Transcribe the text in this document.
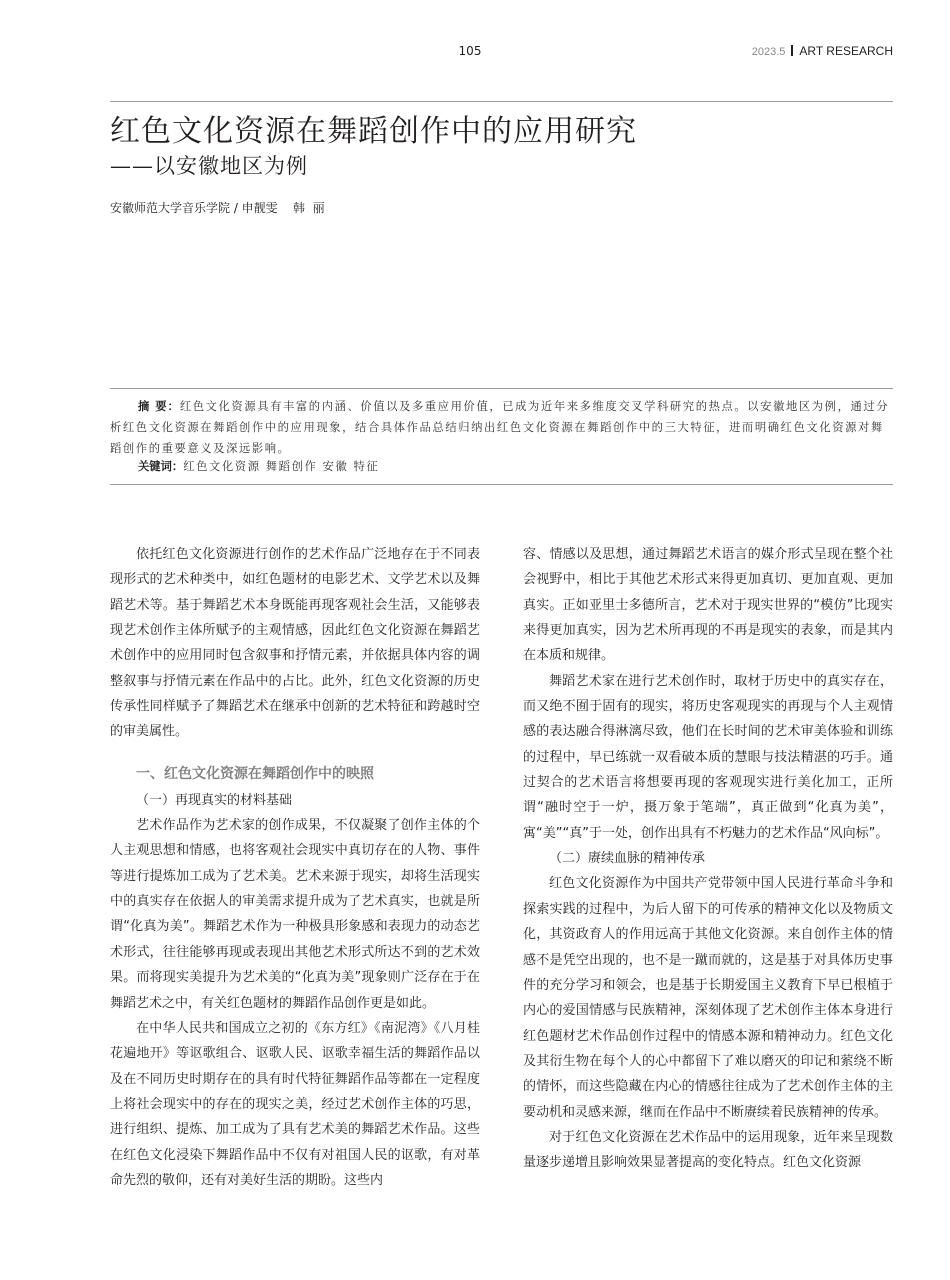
105	2023.5 ART RESEARCH
红色文化资源在舞蹈创作中的应用研究
——以安徽地区为例
安徽师范大学音乐学院 / 申靓雯 韩  丽
摘 要：红色文化资源具有丰富的内涵、价值以及多重应用价值，已成为近年来多维度交叉学科研究的热点。以安徽地区为例，通过分析红色文化资源在舞蹈创作中的应用现象，结合具体作品总结归纳出红色文化资源在舞蹈创作中的三大特征，进而明确红色文化资源对舞蹈创作的重要意义及深远影响。
关键词：红色文化资源 舞蹈创作 安徽 特征

依托红色文化资源进行创作的艺术作品广泛地存在于不同表现形式的艺术种类中，如红色题材的电影艺术、文学艺术以及舞蹈艺术等。基于舞蹈艺术本身既能再现客观社会生活，又能够表现艺术创作主体所赋予的主观情感，因此红色文化资源在舞蹈艺术创作中的应用同时包含叙事和抒情元素，并依据具体内容的调整叙事与抒情元素在作品中的占比。此外，红色文化资源的历史传承性同样赋予了舞蹈艺术在继承中创新的艺术特征和跨越时空的审美属性。

一、红色文化资源在舞蹈创作中的映照
（一）再现真实的材料基础

艺术作品作为艺术家的创作成果，不仅凝聚了创作主体的个人主观思想和情感，也将客观社会现实中真切存在的人物、事件等进行提炼加工成为了艺术美。艺术来源于现实，却将生活现实中的真实存在依据人的审美需求提升成为了艺术真实，也就是所谓“化真为美”。舞蹈艺术作为一种极具形象感和表现力的动态艺术形式，往往能够再现或表现出其他艺术形式所达不到的艺术效果。而将现实美提升为艺术美的“化真为美”现象则广泛存在于在舞蹈艺术之中，有关红色题材的舞蹈作品创作更是如此。

在中华人民共和国成立之初的《东方红》《南泥湾》《八月桂花遍地开》等讴歌组合、讴歌人民、讴歌幸福生活的舞蹈作品以及在不同历史时期存在的具有时代特征舞蹈作品等都在一定程度上将社会现实中的存在的现实之美，经过艺术创作主体的巧思，进行组织、提炼、加工成为了具有艺术美的舞蹈艺术作品。这些在红色文化浸染下舞蹈作品中不仅有对祖国人民的讴歌，有对革命先烈的敬仰，还有对美好生活的期盼。这些内

容、情感以及思想，通过舞蹈艺术语言的媒介形式呈现在整个社会视野中，相比于其他艺术形式来得更加真切、更加直观、更加真实。正如亚里士多德所言，艺术对于现实世界的“模仿”比现实来得更加真实，因为艺术所再现的不再是现实的表象，而是其内在本质和规律。

舞蹈艺术家在进行艺术创作时，取材于历史中的真实存在，而又绝不囿于固有的现实，将历史客观现实的再现与个人主观情感的表达融合得淋漓尽致，他们在长时间的艺术审美体验和训练的过程中，早已练就一双看破本质的慧眼与技法精湛的巧手。通过契合的艺术语言将想要再现的客观现实进行美化加工，正所谓“融时空于一炉，摄万象于笔端”，真正做到“化真为美”，寓“美”“真”于一处，创作出具有不朽魅力的艺术作品“风向标”。

（二）赓续血脉的精神传承

红色文化资源作为中国共产党带领中国人民进行革命斗争和探索实践的过程中，为后人留下的可传承的精神文化以及物质文化，其资政育人的作用远高于其他文化资源。来自创作主体的情感不是凭空出现的，也不是一蹴而就的，这是基于对具体历史事件的充分学习和领会，也是基于长期爱国主义教育下早已根植于内心的爱国情感与民族精神，深刻体现了艺术创作主体本身进行红色题材艺术作品创作过程中的情感本源和精神动力。红色文化及其衍生物在每个人的心中都留下了难以磨灭的印记和萦绕不断的情怀，而这些隐藏在内心的情感往往成为了艺术创作主体的主要动机和灵感来源，继而在作品中不断赓续着民族精神的传承。

对于红色文化资源在艺术作品中的运用现象，近年来呈现数量逐步递增且影响效果显著提高的变化特点。红色文化资源
